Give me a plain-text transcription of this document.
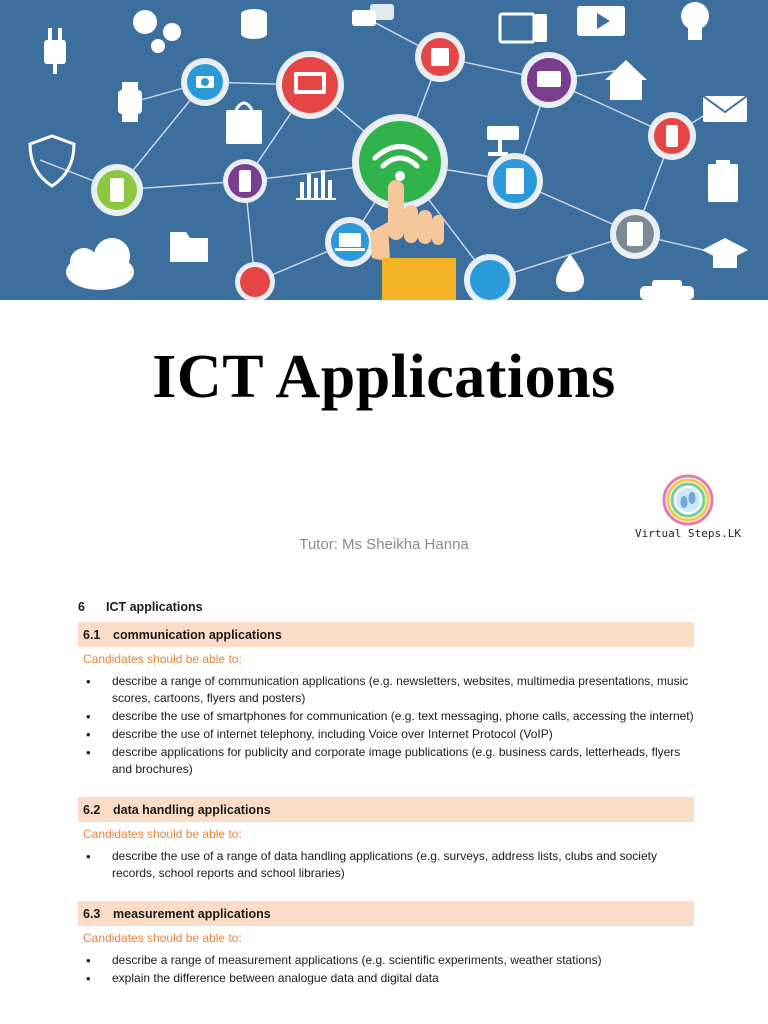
ICT Applications
Virtual Steps.LK
Tutor: Ms Sheikha Hanna
6	ICT applications
6.1	communication applications
Candidates should be able to:
• describe a range of communication applications (e.g. newsletters, websites, multimedia presentations, music scores, cartoons, flyers and posters)
• describe the use of smartphones for communication (e.g. text messaging, phone calls, accessing the internet)
• describe the use of internet telephony, including Voice over Internet Protocol (VoIP)
• describe applications for publicity and corporate image publications (e.g. business cards, letterheads, flyers and brochures)
6.2	data handling applications
Candidates should be able to:
• describe the use of a range of data handling applications (e.g. surveys, address lists, clubs and society records, school reports and school libraries)
6.3	measurement applications
Candidates should be able to:
• describe a range of measurement applications (e.g. scientific experiments, weather stations)
• explain the difference between analogue data and digital data
